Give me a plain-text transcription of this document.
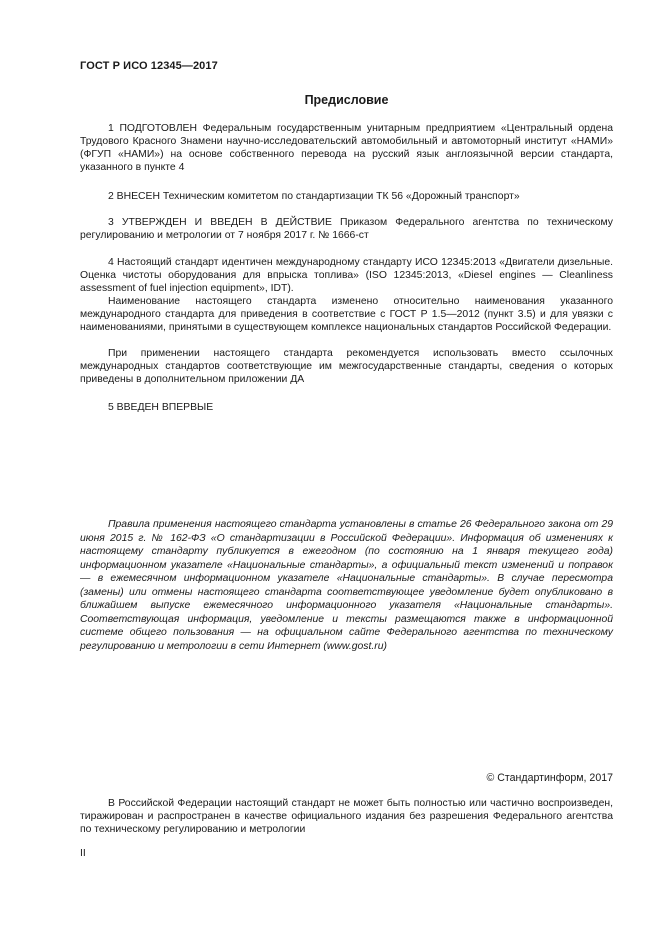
ГОСТ Р ИСО 12345—2017
Предисловие

1 ПОДГОТОВЛЕН Федеральным государственным унитарным предприятием «Центральный ордена Трудового Красного Знамени научно-исследовательский автомобильный и автомоторный институт «НАМИ» (ФГУП «НАМИ») на основе собственного перевода на русский язык англоязычной версии стандарта, указанного в пункте 4

2 ВНЕСЕН Техническим комитетом по стандартизации ТК 56 «Дорожный транспорт»

3 УТВЕРЖДЕН И ВВЕДЕН В ДЕЙСТВИЕ Приказом Федерального агентства по техническому регулированию и метрологии от 7 ноября 2017 г. № 1666-ст

4 Настоящий стандарт идентичен международному стандарту ИСО 12345:2013 «Двигатели дизельные. Оценка чистоты оборудования для впрыска топлива» (ISO 12345:2013, «Diesel engines — Cleanliness assessment of fuel injection equipment», IDT).

Наименование настоящего стандарта изменено относительно наименования указанного международного стандарта для приведения в соответствие с ГОСТ Р 1.5—2012 (пункт 3.5) и для увязки с наименованиями, принятыми в существующем комплексе национальных стандартов Российской Федерации.

При применении настоящего стандарта рекомендуется использовать вместо ссылочных международных стандартов соответствующие им межгосударственные стандарты, сведения о которых приведены в дополнительном приложении ДА

5 ВВЕДЕН ВПЕРВЫЕ

Правила применения настоящего стандарта установлены в статье 26 Федерального закона от 29 июня 2015 г. № 162-ФЗ «О стандартизации в Российской Федерации». Информация об изменениях к настоящему стандарту публикуется в ежегодном (по состоянию на 1 января текущего года) информационном указателе «Национальные стандарты», а официальный текст изменений и поправок — в ежемесячном информационном указателе «Национальные стандарты». В случае пересмотра (замены) или отмены настоящего стандарта соответствующее уведомление будет опубликовано в ближайшем выпуске ежемесячного информационного указателя «Национальные стандарты». Соответствующая информация, уведомление и тексты размещаются также в информационной системе общего пользования — на официальном сайте Федерального агентства по техническому регулированию и метрологии в сети Интернет (www.gost.ru)

© Стандартинформ, 2017

В Российской Федерации настоящий стандарт не может быть полностью или частично воспроизведен, тиражирован и распространен в качестве официального издания без разрешения Федерального агентства по техническому регулированию и метрологии

II
